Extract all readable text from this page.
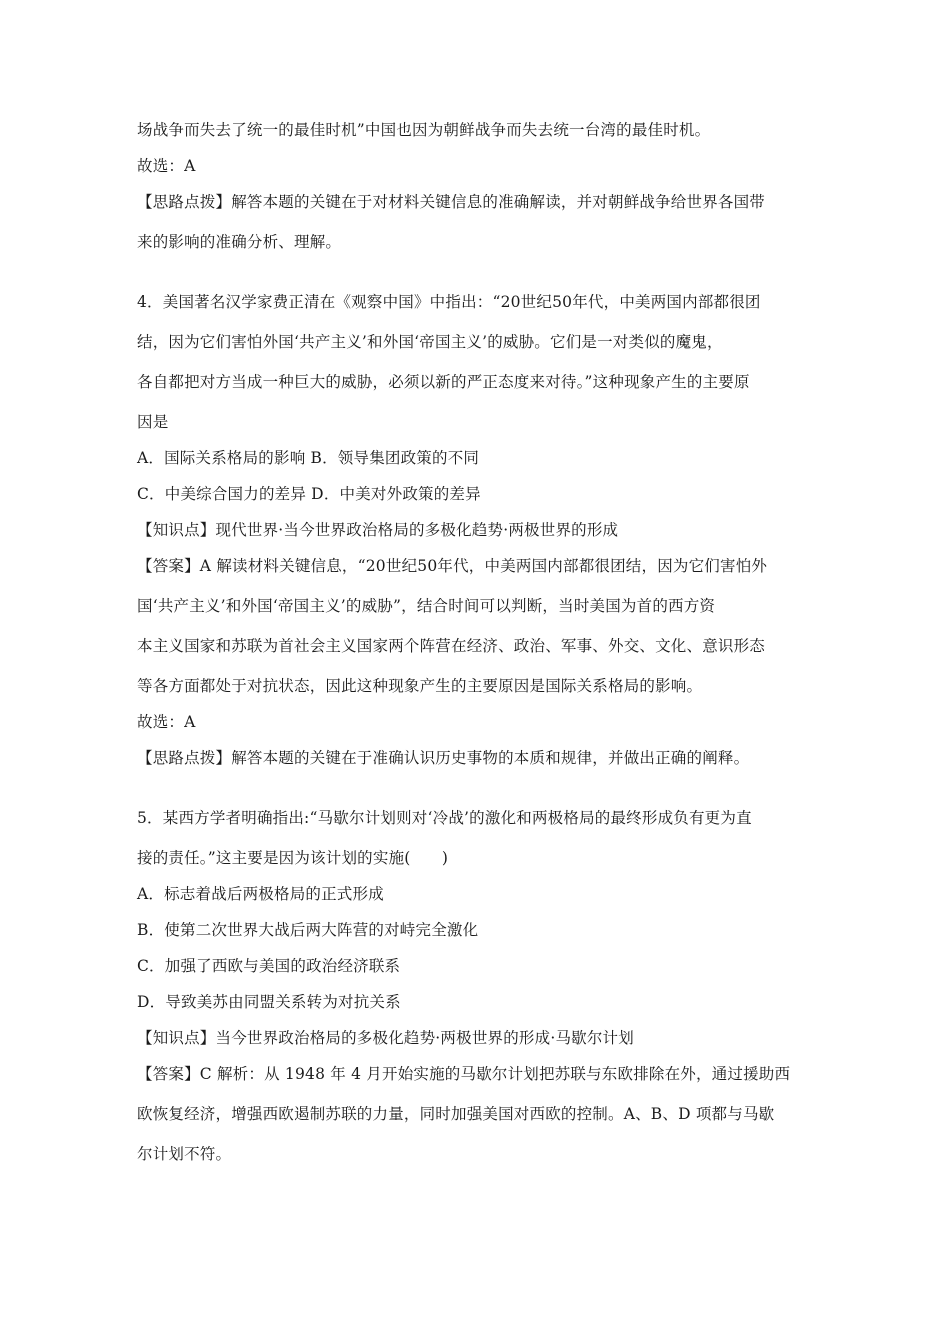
场战争而失去了统一的最佳时机”中国也因为朝鲜战争而失去统一台湾的最佳时机。

故选：A

【思路点拨】解答本题的关键在于对材料关键信息的准确解读，并对朝鲜战争给世界各国带

来的影响的准确分析、理解。

4．美国著名汉学家费正清在《观察中国》中指出：“20世纪50年代，中美两国内部都很团

结，因为它们害怕外国‘共产主义’和外国‘帝国主义’的威胁。它们是一对类似的魔鬼，

各自都把对方当成一种巨大的威胁，必须以新的严正态度来对待。”这种现象产生的主要原

因是

A．国际关系格局的影响 B．领导集团政策的不同

C．中美综合国力的差异 D．中美对外政策的差异

【知识点】现代世界·当今世界政治格局的多极化趋势·两极世界的形成

【答案】A 解读材料关键信息，“20世纪50年代，中美两国内部都很团结，因为它们害怕外

国‘共产主义’和外国‘帝国主义’的威胁”，结合时间可以判断，当时美国为首的西方资

本主义国家和苏联为首社会主义国家两个阵营在经济、政治、军事、外交、文化、意识形态

等各方面都处于对抗状态，因此这种现象产生的主要原因是国际关系格局的影响。

故选：A

【思路点拨】解答本题的关键在于准确认识历史事物的本质和规律，并做出正确的阐释。

5．某西方学者明确指出:“马歇尔计划则对‘冷战’的激化和两极格局的最终形成负有更为直

接的责任。”这主要是因为该计划的实施(　　)

A．标志着战后两极格局的正式形成

B．使第二次世界大战后两大阵营的对峙完全激化

C．加强了西欧与美国的政治经济联系

D．导致美苏由同盟关系转为对抗关系

【知识点】当今世界政治格局的多极化趋势·两极世界的形成·马歇尔计划

【答案】C 解析：从 1948 年 4 月开始实施的马歇尔计划把苏联与东欧排除在外，通过援助西

欧恢复经济，增强西欧遏制苏联的力量，同时加强美国对西欧的控制。A、B、D 项都与马歇

尔计划不符。
